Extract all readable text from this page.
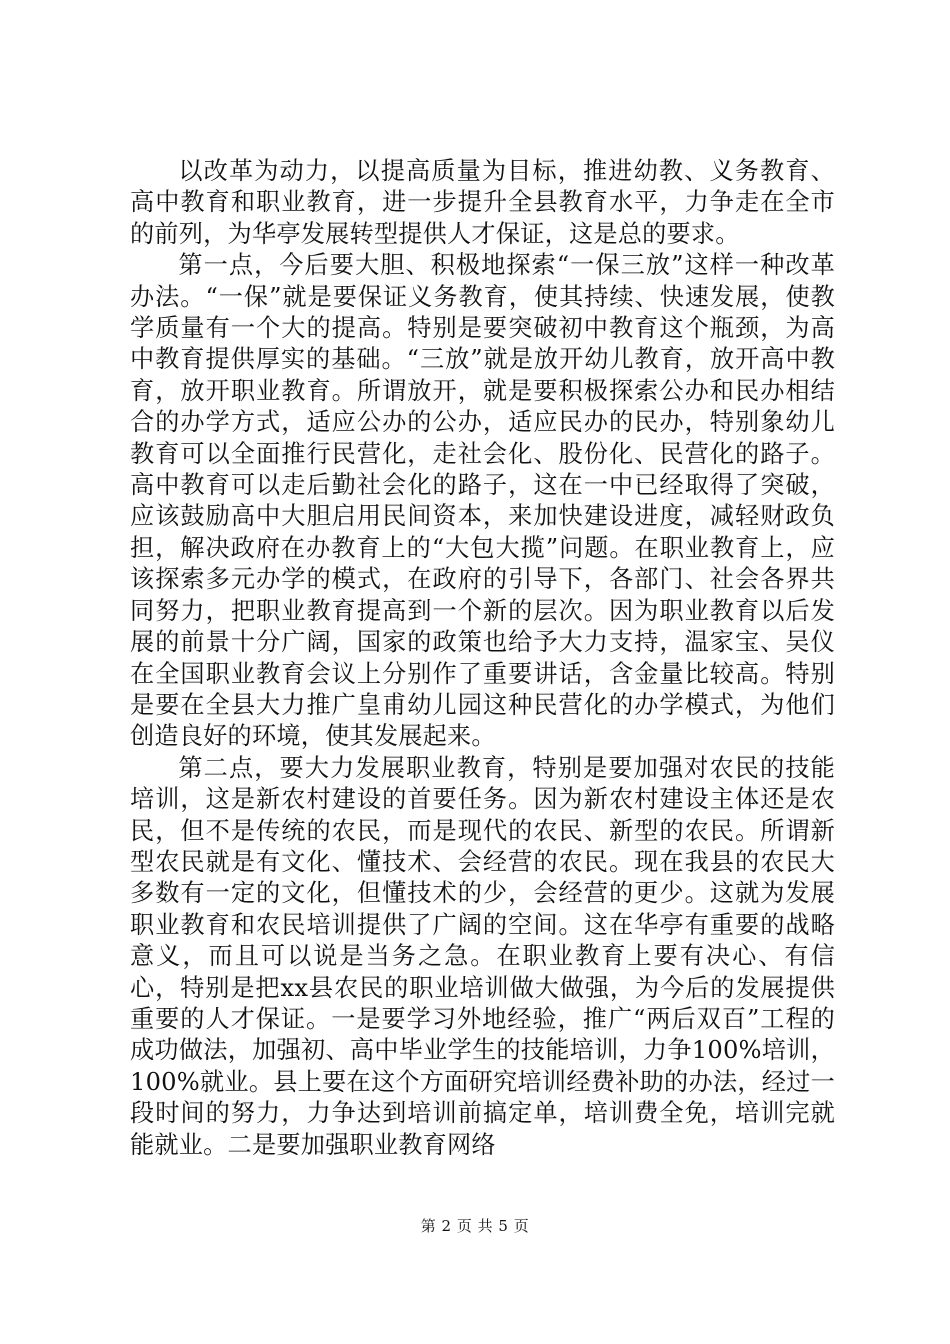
以改革为动力，以提高质量为目标，推进幼教、义务教育、高中教育和职业教育，进一步提升全县教育水平，力争走在全市的前列，为华亭发展转型提供人才保证，这是总的要求。

第一点，今后要大胆、积极地探索“一保三放”这样一种改革办法。“一保”就是要保证义务教育，使其持续、快速发展，使教学质量有一个大的提高。特别是要突破初中教育这个瓶颈，为高中教育提供厚实的基础。“三放”就是放开幼儿教育，放开高中教育，放开职业教育。所谓放开，就是要积极探索公办和民办相结合的办学方式，适应公办的公办，适应民办的民办，特别象幼儿教育可以全面推行民营化，走社会化、股份化、民营化的路子。高中教育可以走后勤社会化的路子，这在一中已经取得了突破，应该鼓励高中大胆启用民间资本，来加快建设进度，减轻财政负担，解决政府在办教育上的“大包大揽”问题。在职业教育上，应该探索多元办学的模式，在政府的引导下，各部门、社会各界共同努力，把职业教育提高到一个新的层次。因为职业教育以后发展的前景十分广阔，国家的政策也给予大力支持，温家宝、吴仪在全国职业教育会议上分别作了重要讲话，含金量比较高。特别是要在全县大力推广皇甫幼儿园这种民营化的办学模式，为他们创造良好的环境，使其发展起来。

第二点，要大力发展职业教育，特别是要加强对农民的技能培训，这是新农村建设的首要任务。因为新农村建设主体还是农民，但不是传统的农民，而是现代的农民、新型的农民。所谓新型农民就是有文化、懂技术、会经营的农民。现在我县的农民大多数有一定的文化，但懂技术的少，会经营的更少。这就为发展职业教育和农民培训提供了广阔的空间。这在华亭有重要的战略意义，而且可以说是当务之急。在职业教育上要有决心、有信心，特别是把xx县农民的职业培训做大做强，为今后的发展提供重要的人才保证。一是要学习外地经验，推广“两后双百”工程的成功做法，加强初、高中毕业学生的技能培训，力争100%培训，100%就业。县上要在这个方面研究培训经费补助的办法，经过一段时间的努力，力争达到培训前搞定单，培训费全免，培训完就能就业。二是要加强职业教育网络

第 2 页 共 5 页
